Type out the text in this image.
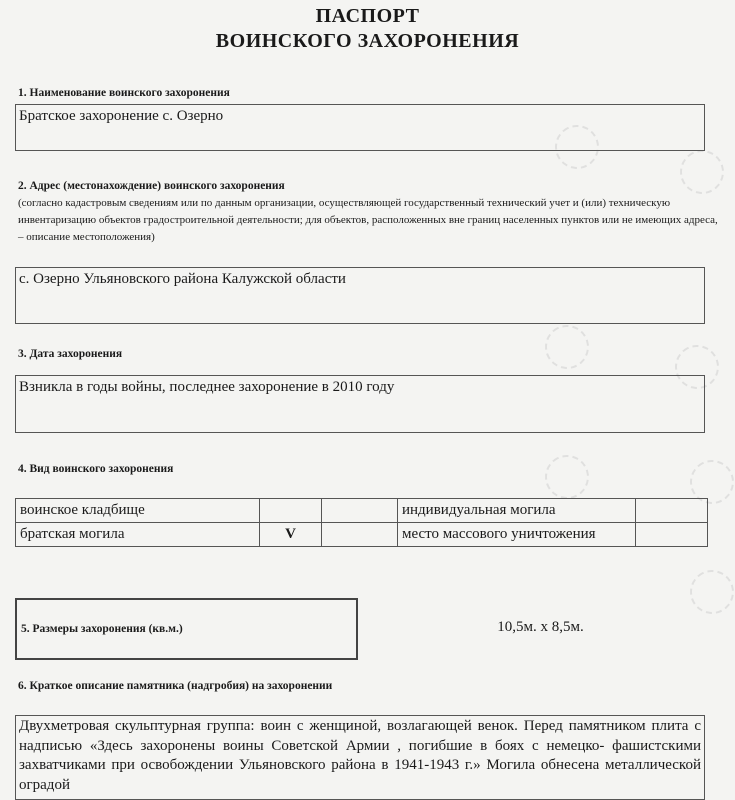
ПАСПОРТ
ВОИНСКОГО ЗАХОРОНЕНИЯ
1. Наименование воинского захоронения
Братское захоронение с. Озерно
2. Адрес (местонахождение) воинского захоронения
(согласно кадастровым сведениям или по данным организации, осуществляющей государственный технический учет и (или) техническую инвентаризацию объектов градостроительной деятельности; для объектов, расположенных вне границ населенных пунктов или не имеющих адреса, – описание местоположения)
с. Озерно Ульяновского района Калужской области
3. Дата захоронения
Взникла в годы войны, последнее захоронение в 2010 году
4. Вид воинского захоронения
воинское кладбище			индивидуальная могила	
братская могила	V		место массового уничтожения	
5. Размеры захоронения (кв.м.)	10,5м. х 8,5м.
6. Краткое описание памятника (надгробия) на захоронении
Двухметровая скульптурная группа: воин с женщиной, возлагающей венок. Перед памятником плита с надписью «Здесь захоронены воины Советской Армии , погибшие в боях с немецко- фашистскими захватчиками при освобождении Ульяновского района в 1941-1943 г.» Могила обнесена металлической оградой
